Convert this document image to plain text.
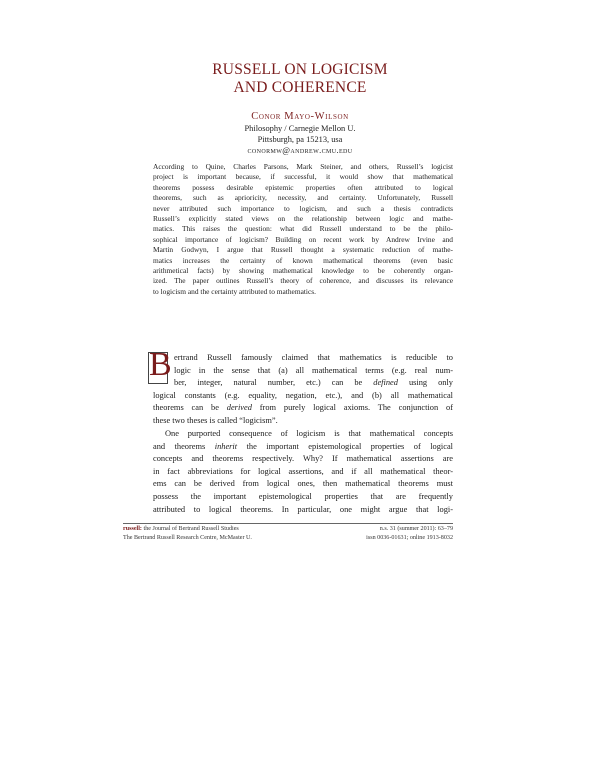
RUSSELL ON LOGICISM
AND COHERENCE
Conor Mayo-Wilson
Philosophy / Carnegie Mellon U.
Pittsburgh, pa 15213, usa
conormw@andrew.cmu.edu
According to Quine, Charles Parsons, Mark Steiner, and others, Russell’s logicist
project is important because, if successful, it would show that mathematical
theorems possess desirable epistemic properties often attributed to logical
theorems, such as aprioricity, necessity, and certainty. Unfortunately, Russell
never attributed such importance to logicism, and such a thesis contradicts
Russell’s explicitly stated views on the relationship between logic and mathe-
matics. This raises the question: what did Russell understand to be the philo-
sophical importance of logicism? Building on recent work by Andrew Irvine and
Martin Godwyn, I argue that Russell thought a systematic reduction of mathe-
matics increases the certainty of known mathematical theorems (even basic
arithmetical facts) by showing mathematical knowledge to be coherently organ-
ized. The paper outlines Russell’s theory of coherence, and discusses its relevance
to logicism and the certainty attributed to mathematics.
B ertrand Russell famously claimed that mathematics is reducible to
logic in the sense that (a) all mathematical terms (e.g. real num-
ber, integer, natural number, etc.) can be defined using only
logical constants (e.g. equality, negation, etc.), and (b) all mathematical
theorems can be derived from purely logical axioms. The conjunction of
these two theses is called “logicism”.
One purported consequence of logicism is that mathematical concepts
and theorems inherit the important epistemological properties of logical
concepts and theorems respectively. Why? If mathematical assertions are
in fact abbreviations for logical assertions, and if all mathematical theor-
ems can be derived from logical ones, then mathematical theorems must
possess the important epistemological properties that are frequently
attributed to logical theorems. In particular, one might argue that logi-
russell: the Journal of Bertrand Russell Studies
The Bertrand Russell Research Centre, McMaster U.
n.s. 31 (summer 2011): 63–79
issn 0036-01631; online 1913-8032
